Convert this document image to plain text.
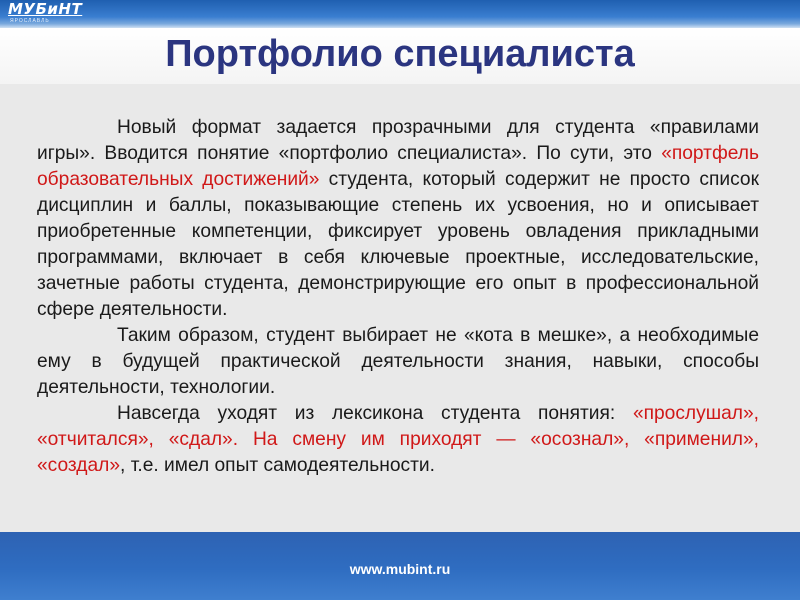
МУБиНТ
ЯРОСЛАВЛЬ
Портфолио специалиста

Новый формат задается прозрачными для студента «правилами игры». Вводится понятие «портфолио специалиста». По сути, это «портфель образовательных достижений» студента, который содержит не просто список дисциплин и баллы, показывающие степень их усвоения, но и описывает приобретенные компетенции, фиксирует уровень овладения прикладными программами, включает в себя ключевые проектные, исследовательские, зачетные работы студента, демонстрирующие его опыт в профессиональной сфере деятельности.

Таким образом, студент выбирает не «кота в мешке», а необходимые ему в будущей практической деятельности знания, навыки, способы деятельности, технологии.

Навсегда уходят из лексикона студента понятия: «прослушал», «отчитался», «сдал». На смену им приходят — «осознал», «применил», «создал», т.е. имел опыт самодеятельности.

www.mubint.ru
